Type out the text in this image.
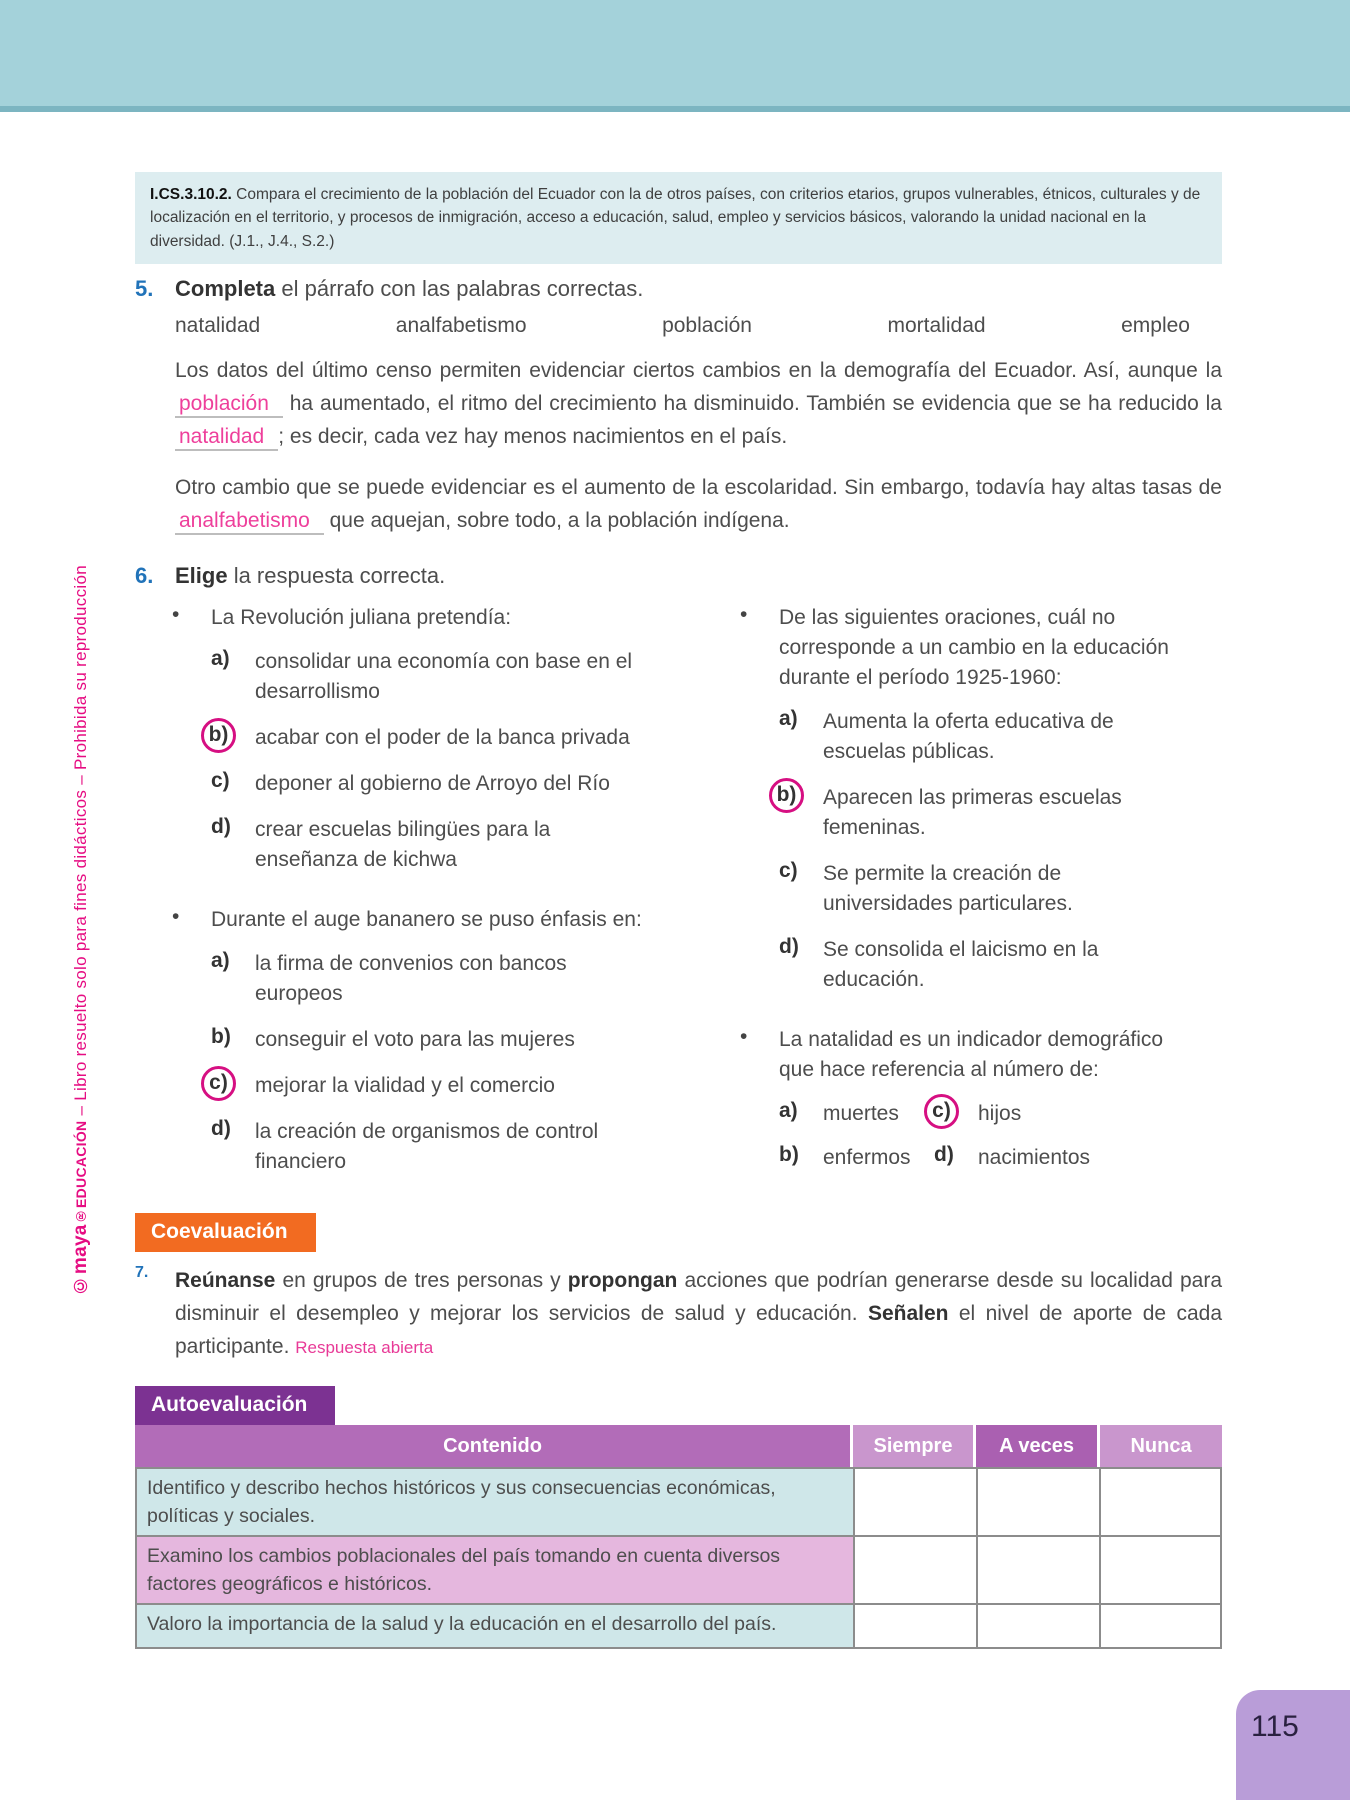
©maya®EDUCACIÓN – Libro resuelto solo para fines didácticos – Prohibida su reproducción
I.CS.3.10.2. Compara el crecimiento de la población del Ecuador con la de otros países, con criterios etarios, grupos vulnerables, étnicos, culturales y de localización en el territorio, y procesos de inmigración, acceso a educación, salud, empleo y servicios básicos, valorando la unidad nacional en la diversidad. (J.1., J.4., S.2.)
5. Completa el párrafo con las palabras correctas.
natalidad	analfabetismo	población	mortalidad	empleo
Los datos del último censo permiten evidenciar ciertos cambios en la demografía del Ecuador. Así, aunque la población ha aumentado, el ritmo del crecimiento ha disminuido. También se evidencia que se ha reducido la natalidad ; es decir, cada vez hay menos nacimientos en el país.
Otro cambio que se puede evidenciar es el aumento de la escolaridad. Sin embargo, todavía hay altas tasas de analfabetismo que aquejan, sobre todo, a la población indígena.
6. Elige la respuesta correcta.
•	La Revolución juliana pretendía:
a)	consolidar una economía con base en el desarrollismo
b)	acabar con el poder de la banca privada
c)	deponer al gobierno de Arroyo del Río
d)	crear escuelas bilingües para la enseñanza de kichwa
•	Durante el auge bananero se puso énfasis en:
a)	la firma de convenios con bancos europeos
b)	conseguir el voto para las mujeres
c)	mejorar la vialidad y el comercio
d)	la creación de organismos de control financiero
•	De las siguientes oraciones, cuál no corresponde a un cambio en la educación durante el período 1925-1960:
a)	Aumenta la oferta educativa de escuelas públicas.
b)	Aparecen las primeras escuelas femeninas.
c)	Se permite la creación de universidades particulares.
d)	Se consolida el laicismo en la educación.
•	La natalidad es un indicador demográfico que hace referencia al número de:
a)	muertes c)	hijos
b)	enfermos d)	nacimientos
Coevaluación
7.	Reúnanse en grupos de tres personas y propongan acciones que podrían generarse desde su localidad para disminuir el desempleo y mejorar los servicios de salud y educación. Señalen el nivel de aporte de cada participante. Respuesta abierta
Autoevaluación
Contenido	Siempre	A veces	Nunca
Identifico y describo hechos históricos y sus consecuencias económicas, políticas y sociales.
Examino los cambios poblacionales del país tomando en cuenta diversos factores geográficos e históricos.
Valoro la importancia de la salud y la educación en el desarrollo del país.
115
